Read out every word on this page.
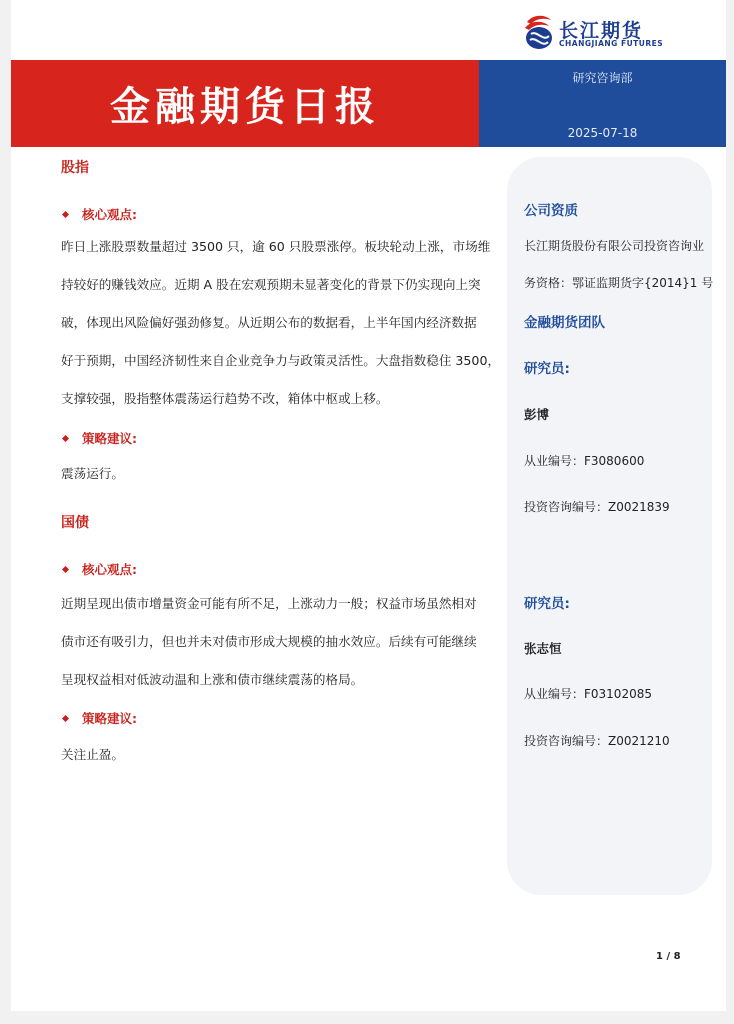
长江期货
CHANGJIANG FUTURES
金融期货日报
研究咨询部
2025-07-18
股指
核心观点:
昨日上涨股票数量超过 3500 只，逾 60 只股票涨停。板块轮动上涨，市场维
持较好的赚钱效应。近期 A 股在宏观预期未显著变化的背景下仍实现向上突
破，体现出风险偏好强劲修复。从近期公布的数据看，上半年国内经济数据
好于预期，中国经济韧性来自企业竞争力与政策灵活性。大盘指数稳住 3500，
支撑较强，股指整体震荡运行趋势不改，箱体中枢或上移。
策略建议:
震荡运行。
国债
核心观点:
近期呈现出债市增量资金可能有所不足，上涨动力一般；权益市场虽然相对
债市还有吸引力，但也并未对债市形成大规模的抽水效应。后续有可能继续
呈现权益相对低波动温和上涨和债市继续震荡的格局。
策略建议:
关注止盈。
公司资质
长江期货股份有限公司投资咨询业
务资格：鄂证监期货字{2014}1 号
金融期货团队
研究员:
彭博
从业编号：F3080600
投资咨询编号：Z0021839
研究员:
张志恒
从业编号：F03102085
投资咨询编号：Z0021210
1 / 8
